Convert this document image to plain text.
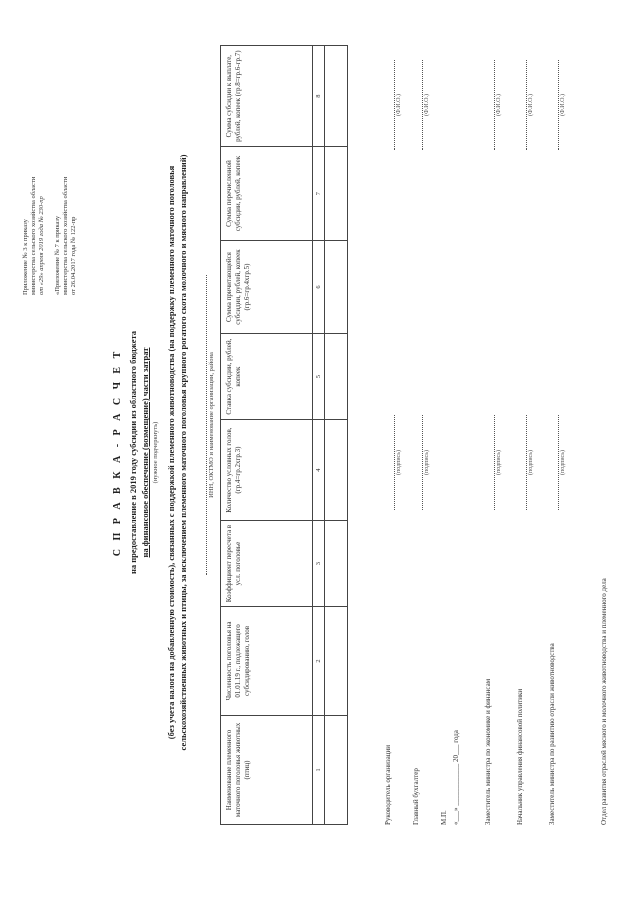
Приложение № 3 к приказу министерства сельского хозяйства области от «29» апреля 2019 года № 230-пр «Приложение № 7 к приказу министерства сельского хозяйства области от 26.04.2017 года № 122-пр
С П Р А В К А - Р А С Ч Е Т на предоставление в 2019 году субсидии из областного бюджета на финансовое обеспечение (возмещение) части затрат (нужное подчеркнуть) (без учета налога на добавленную стоимость), связанных с поддержкой племенного животноводства (на поддержку племенного маточного поголовья сельскохозяйственных животных и птицы, за исключением племенного маточного поголовья крупного рогатого скота молочного и мясного направлений)	ИНН, ОКТМО и наименование организации, района
Наименование племенного маточного поголовья животных (птиц)	Численность поголовья на 01.01.19 г., подлежащего субсидированию, голов	Коэффициент пересчета в усл. поголовье	Количество условных голов, (гр.4=гр.2хгр.3)	Ставка субсидии, рублей, копеек	Сумма причитающейся субсидии, рублей, копеек (гр.6=гр.4хгр.5)	Сумма перечисленной субсидии, рублей, копеек	Сумма субсидии к выплате, рублей, копеек (гр.8=гр.6-гр.7)
1	2	3	4	5	6	7	8

Руководитель организации
(подпись)
(Ф.И.О.)
Главный бухгалтер
(подпись)
(Ф.И.О.)
М.П. «___» ____________ 20___ года	Заместитель министра по экономике и финансам
(подпись)
(Ф.И.О.)
Начальник управления финансовой политики
(подпись)
(Ф.И.О.)
Заместитель министра по развитию отрасли животноводства
(подпись)
(Ф.И.О.)
Отдел развития отраслей мясного и молочного животноводства и племенного дела
